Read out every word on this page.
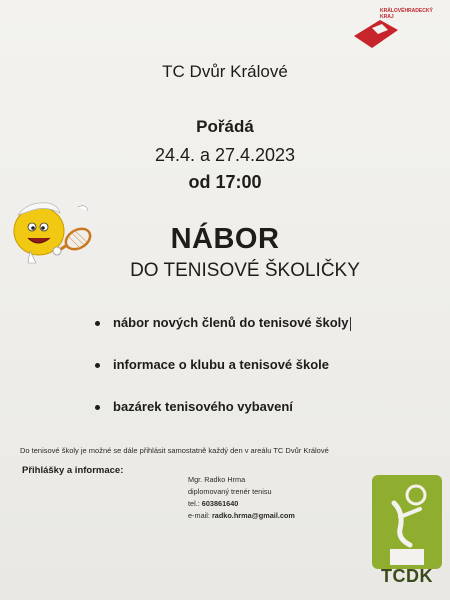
KRÁLOVÉHRADECKÝ KRAJ
TC Dvůr Králové
Pořádá
24.4. a 27.4.2023
od 17:00
NÁBOR
DO TENISOVÉ ŠKOLIČKY
nábor nových členů do tenisové školy
informace o klubu a tenisové škole
bazárek tenisového vybavení
Do tenisové školy je možné se dále přihlásit samostatně každý den v areálu TC Dvůr Králové
Přihlášky a informace:
Mgr. Radko Hrma
diplomovaný trenér tenisu
tel.: 603861640
e-mail: radko.hrma@gmail.com
TCDK
